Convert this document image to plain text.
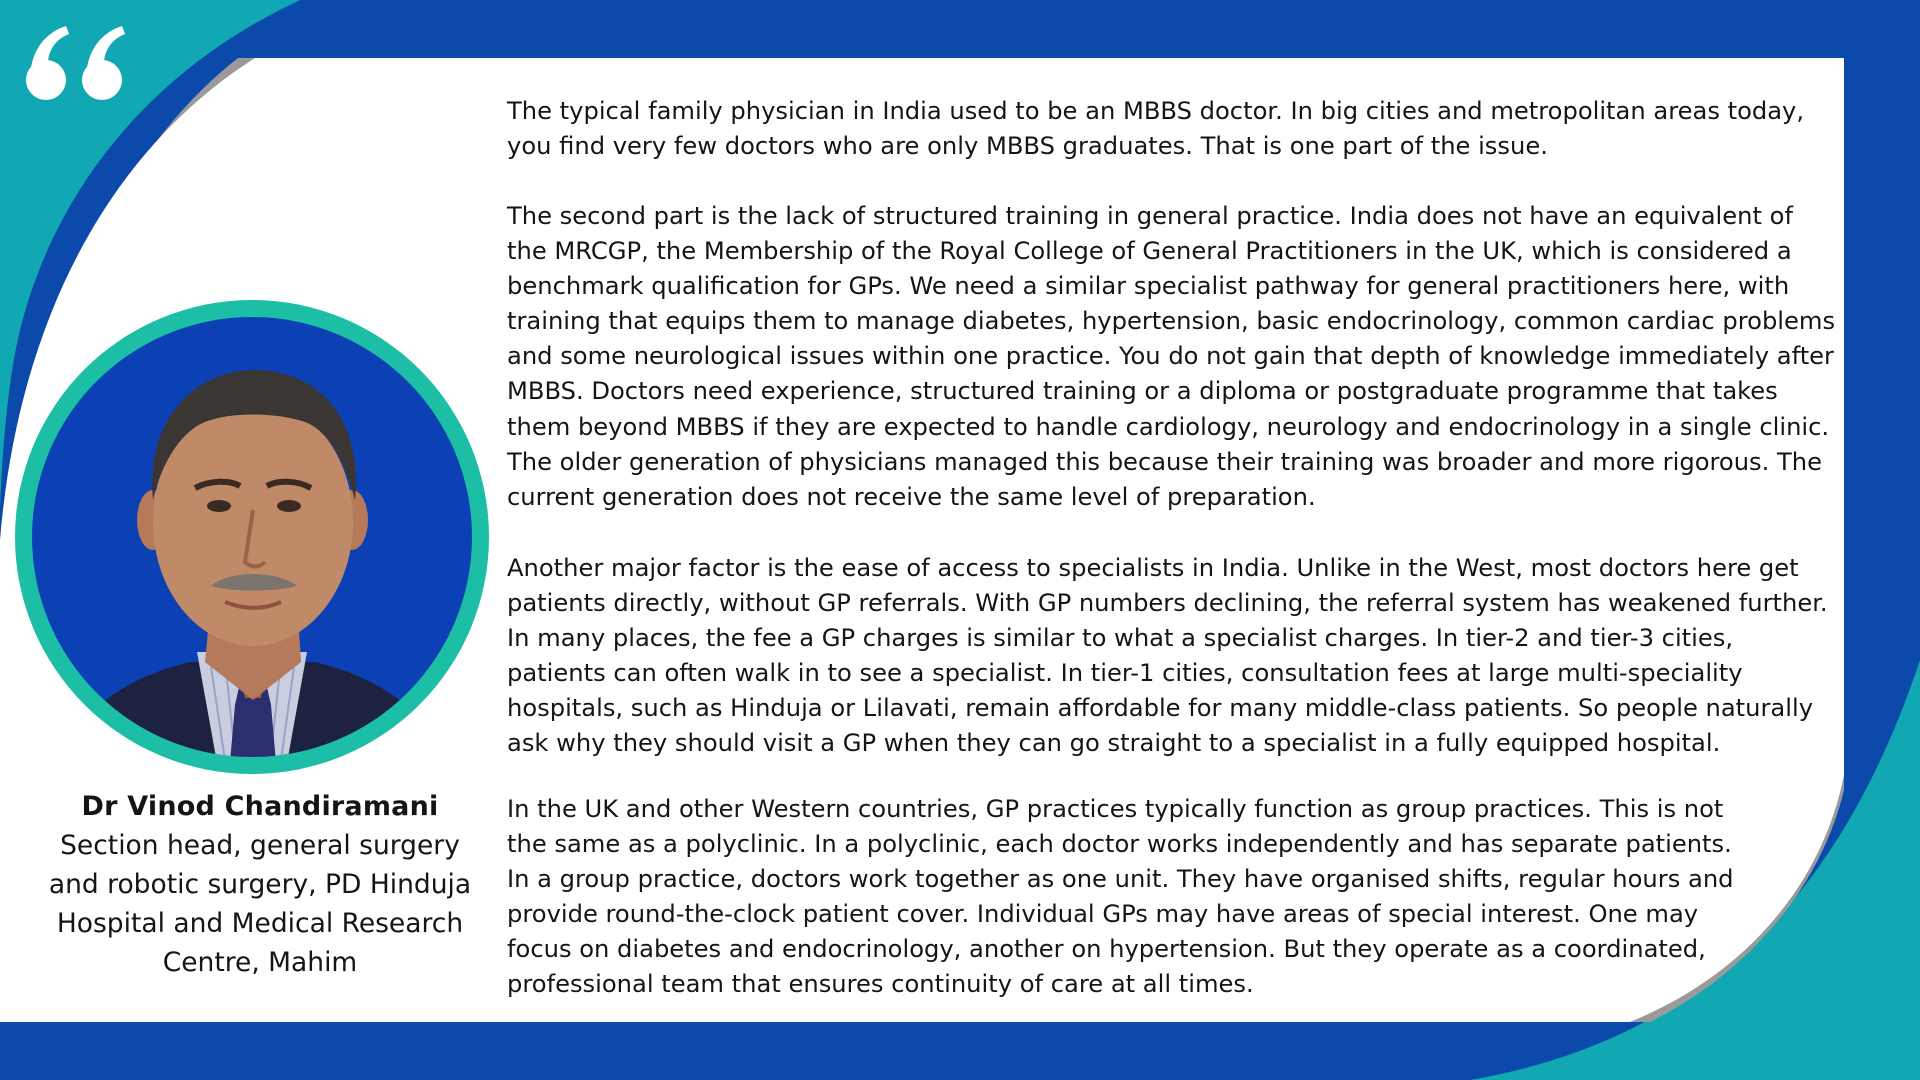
Dr Vinod Chandiramani
Section head, general surgery and robotic surgery, PD Hinduja Hospital and Medical Research Centre, Mahim

The typical family physician in India used to be an MBBS doctor. In big cities and metropolitan areas today, you find very few doctors who are only MBBS graduates. That is one part of the issue.

The second part is the lack of structured training in general practice. India does not have an equivalent of the MRCGP, the Membership of the Royal College of General Practitioners in the UK, which is considered a benchmark qualification for GPs. We need a similar specialist pathway for general practitioners here, with training that equips them to manage diabetes, hypertension, basic endocrinology, common cardiac problems and some neurological issues within one practice. You do not gain that depth of knowledge immediately after MBBS. Doctors need experience, structured training or a diploma or postgraduate programme that takes them beyond MBBS if they are expected to handle cardiology, neurology and endocrinology in a single clinic. The older generation of physicians managed this because their training was broader and more rigorous. The current generation does not receive the same level of preparation.

Another major factor is the ease of access to specialists in India. Unlike in the West, most doctors here get patients directly, without GP referrals. With GP numbers declining, the referral system has weakened further. In many places, the fee a GP charges is similar to what a specialist charges. In tier-2 and tier-3 cities, patients can often walk in to see a specialist. In tier-1 cities, consultation fees at large multi-speciality hospitals, such as Hinduja or Lilavati, remain affordable for many middle-class patients. So people naturally ask why they should visit a GP when they can go straight to a specialist in a fully equipped hospital.

In the UK and other Western countries, GP practices typically function as group practices. This is not the same as a polyclinic. In a polyclinic, each doctor works independently and has separate patients. In a group practice, doctors work together as one unit. They have organised shifts, regular hours and provide round-the-clock patient cover. Individual GPs may have areas of special interest. One may focus on diabetes and endocrinology, another on hypertension. But they operate as a coordinated, professional team that ensures continuity of care at all times.
